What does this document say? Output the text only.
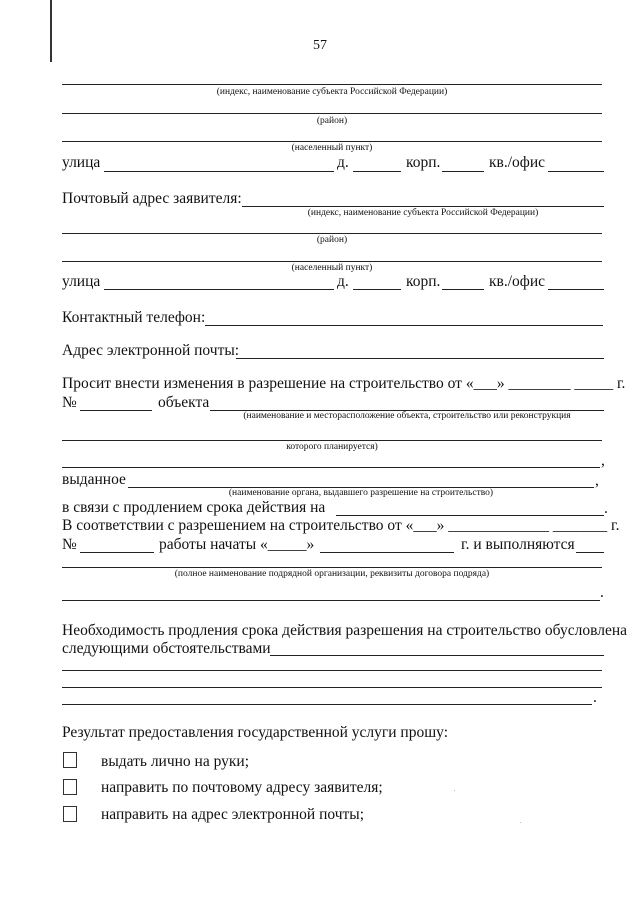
57
(индекс, наименование субъекта Российской Федерации)
(район)
(населенный пункт)
улица	д.	корп.	кв./офис
Почтовый адрес заявителя:
(индекс, наименование субъекта Российской Федерации)
(район)
(населенный пункт)
улица	д.	корп.	кв./офис
Контактный телефон:
Адрес электронной почты:
Просит внести изменения в разрешение на строительство от «___» ________ _____ г.
№	объекта
(наименование и месторасположение объекта, строительство или реконструкция
которого планируется)
,
выданное	,
(наименование органа, выдавшего разрешение на строительство)
в связи с продлением срока действия на	.
В соответствии с разрешением на строительство от «___» _____________ _______ г.
№	работы начаты «_____»	г. и выполняются
(полное наименование подрядной организации, реквизиты договора подряда)
.
Необходимость продления срока действия разрешения на строительство обусловлена
следующими обстоятельствами
.
Результат предоставления государственной услуги прошу:
выдать лично на руки;
направить по почтовому адресу заявителя;
направить на адрес электронной почты;
